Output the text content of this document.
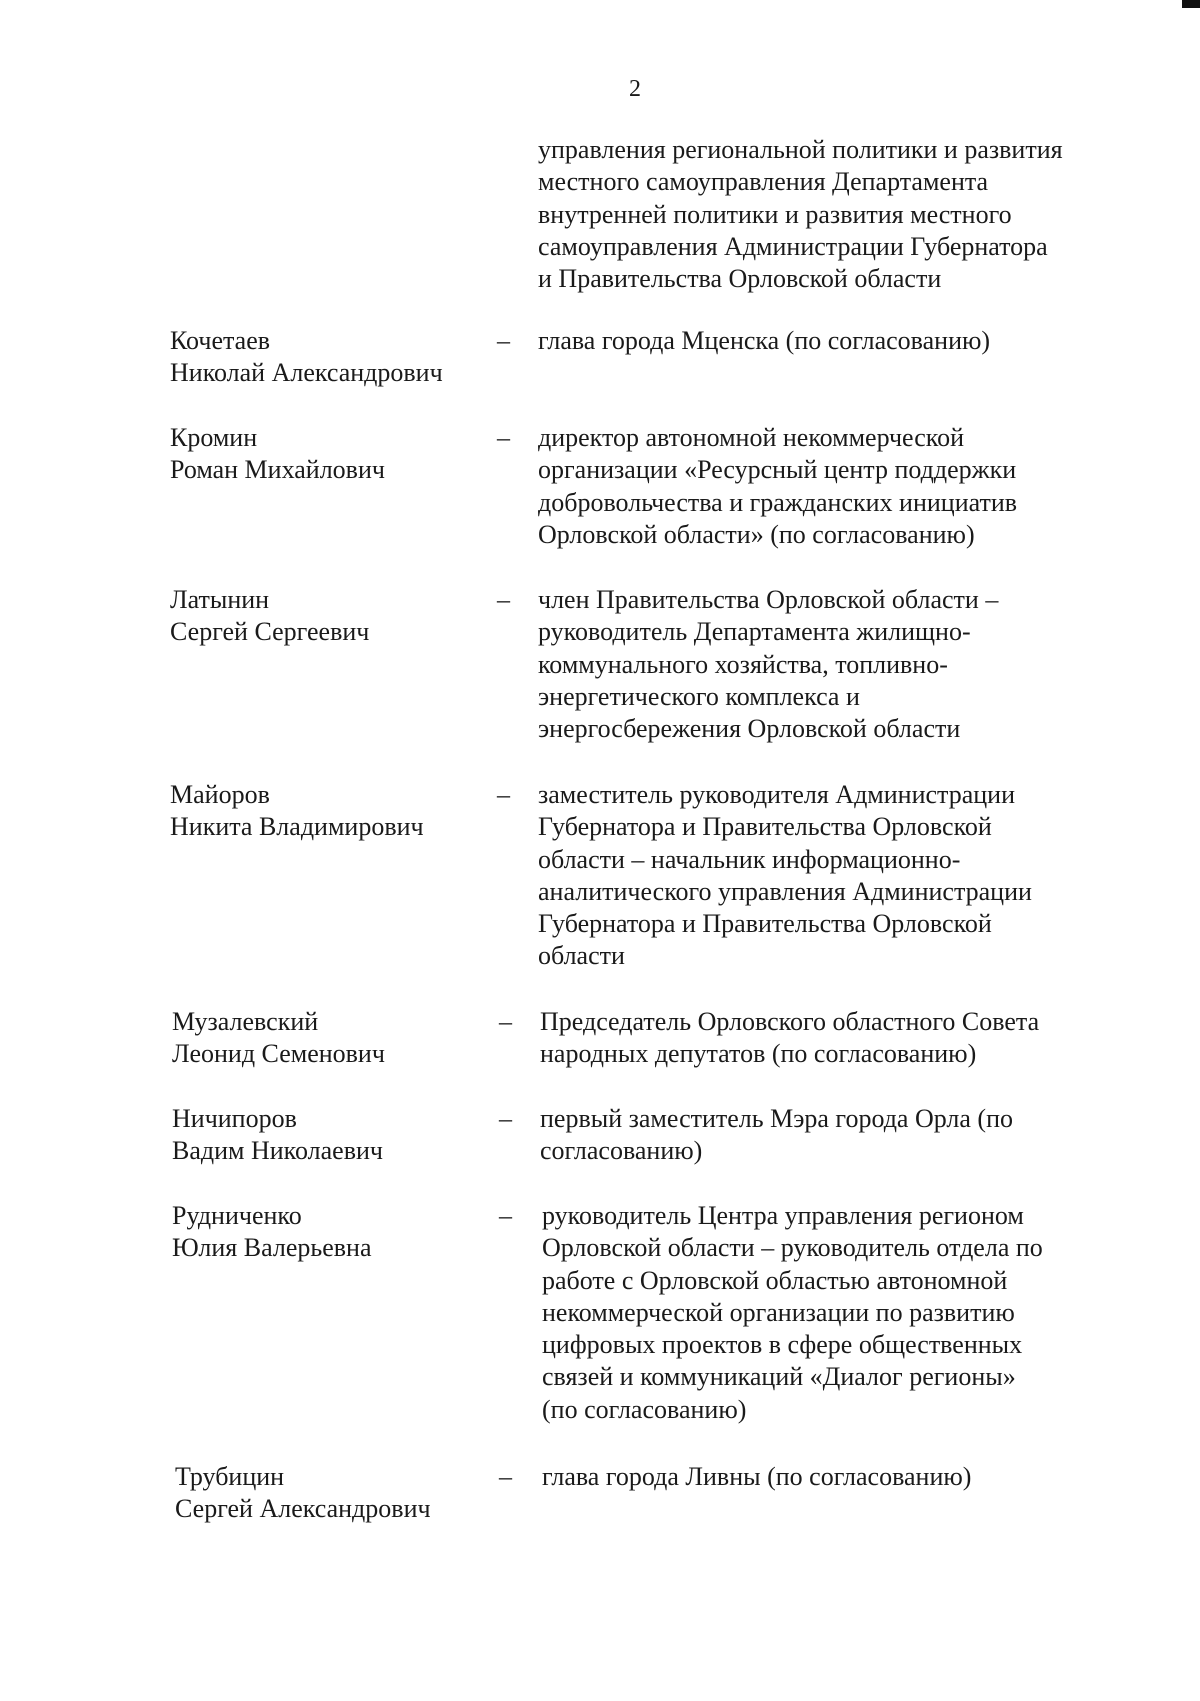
2
управления региональной политики и развития
местного самоуправления Департамента
внутренней политики и развития местного
самоуправления Администрации Губернатора
и Правительства Орловской области
Кочетаев
Николай Александрович
– глава города Мценска (по согласованию)
Кромин
Роман Михайлович
– директор автономной некоммерческой
организации «Ресурсный центр поддержки
добровольчества и гражданских инициатив
Орловской области» (по согласованию)
Латынин
Сергей Сергеевич
– член Правительства Орловской области –
руководитель Департамента жилищно-
коммунального хозяйства, топливно-
энергетического комплекса и
энергосбережения Орловской области
Майоров
Никита Владимирович
– заместитель руководителя Администрации
Губернатора и Правительства Орловской
области – начальник информационно-
аналитического управления Администрации
Губернатора и Правительства Орловской
области
Музалевский
Леонид Семенович
– Председатель Орловского областного Совета
народных депутатов (по согласованию)
Ничипоров
Вадим Николаевич
– первый заместитель Мэра города Орла (по
согласованию)
Рудниченко
Юлия Валерьевна
– руководитель Центра управления регионом
Орловской области – руководитель отдела по
работе с Орловской областью автономной
некоммерческой организации по развитию
цифровых проектов в сфере общественных
связей и коммуникаций «Диалог регионы»
(по согласованию)
Трубицин
Сергей Александрович
– глава города Ливны (по согласованию)
